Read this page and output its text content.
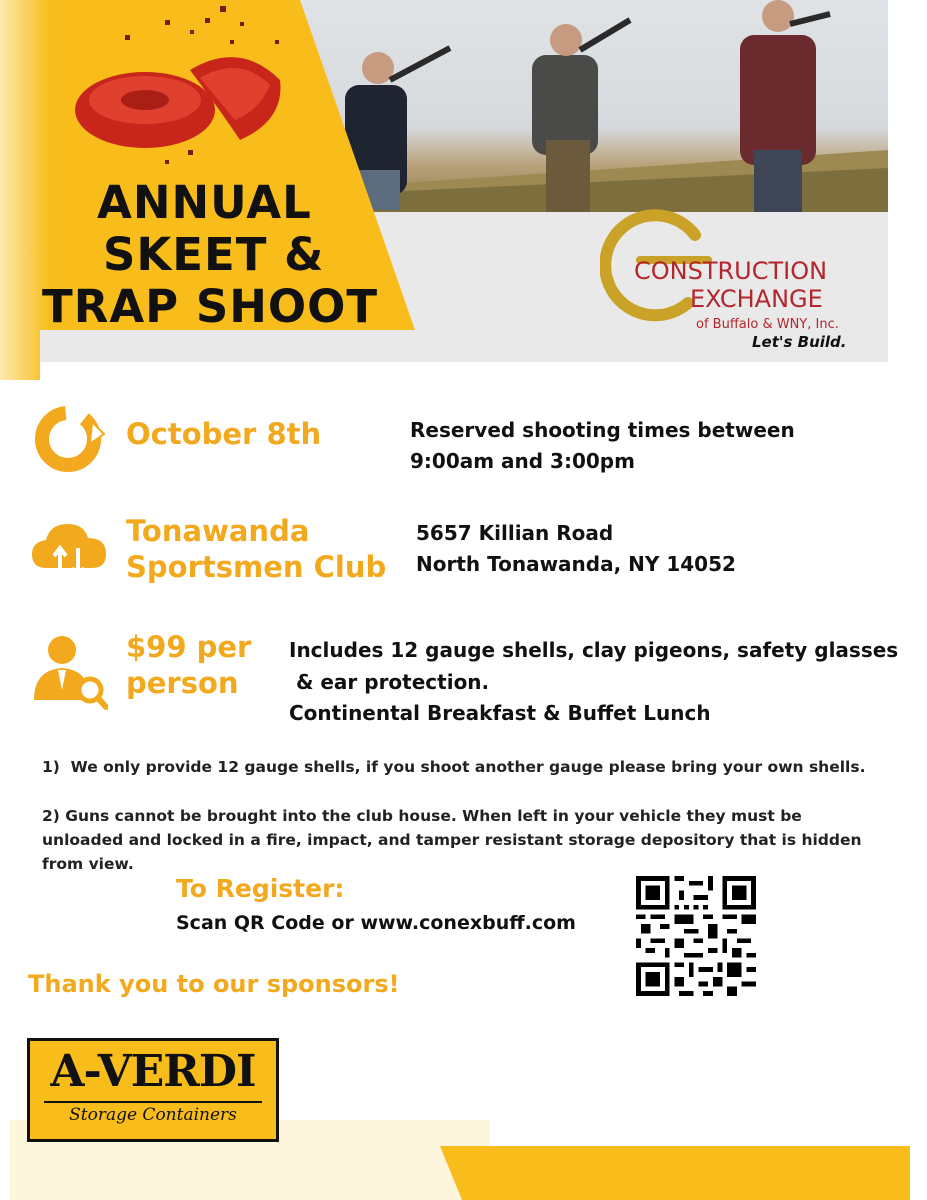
ANNUAL
SKEET &
TRAP SHOOT
CONSTRUCTION
EXCHANGE
of Buffalo & WNY, Inc.
Let's Build.
October 8th	Reserved shooting times between
9:00am and 3:00pm
Tonawanda
Sportsmen Club
5657 Killian Road
North Tonawanda, NY 14052
$99 per
person
Includes 12 gauge shells, clay pigeons, safety glasses
& ear protection.
Continental Breakfast & Buffet Lunch
1)  We only provide 12 gauge shells, if you shoot another gauge please bring your own shells.
2) Guns cannot be brought into the club house. When left in your vehicle they must be
unloaded and locked in a fire, impact, and tamper resistant storage depository that is hidden
from view.
To Register:
Scan QR Code or www.conexbuff.com
Thank you to our sponsors!
A-VERDI
Storage Containers
